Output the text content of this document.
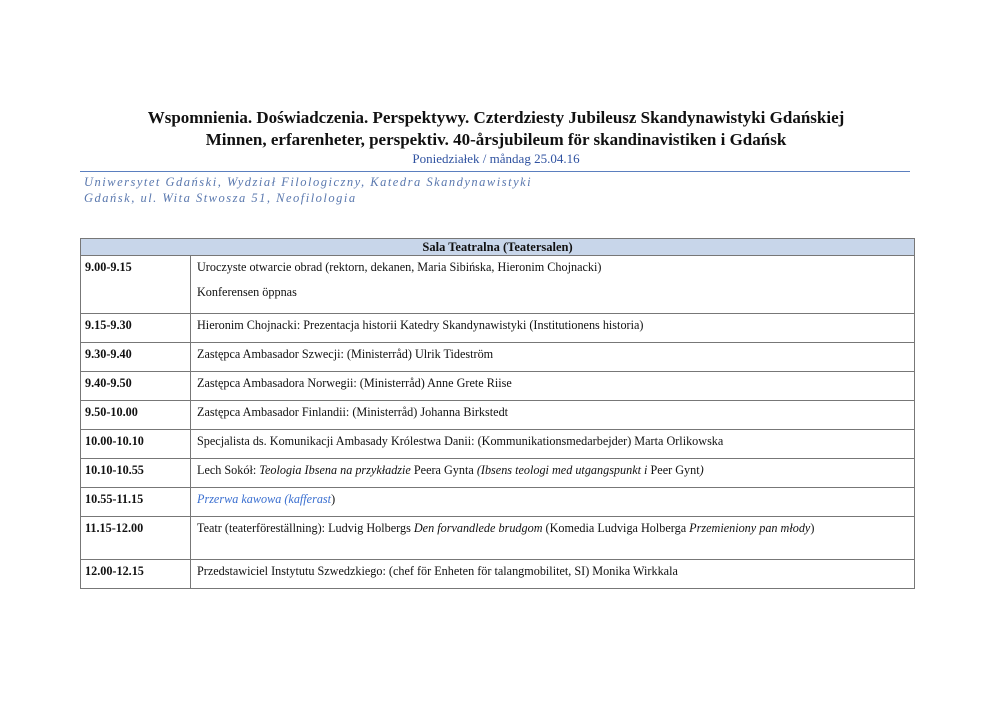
Wspomnienia. Doświadczenia. Perspektywy. Czterdziesty Jubileusz Skandynawistyki Gdańskiej
Minnen, erfarenheter, perspektiv. 40-årsjubileum för skandinavistiken i Gdańsk
Poniedziałek / måndag 25.04.16
Uniwersytet Gdański, Wydział Filologiczny, Katedra Skandynawistyki
Gdańsk, ul. Wita Stwosza 51, Neofilologia
Sala Teatralna (Teatersalen)	
9.00-9.15	Uroczyste otwarcie obrad (rektorn, dekanen, Maria Sibińska, Hieronim Chojnacki)
Konferensen öppnas

9.15-9.30	Hieronim Chojnacki: Prezentacja historii Katedry Skandynawistyki (Institutionens historia)
9.30-9.40	Zastępca Ambasador Szwecji: (Ministerråd) Ulrik Tideström
9.40-9.50	Zastępca Ambasadora Norwegii: (Ministerråd) Anne Grete Riise
9.50-10.00	Zastępca Ambasador Finlandii: (Ministerråd) Johanna Birkstedt
10.00-10.10	Specjalista ds. Komunikacji Ambasady Królestwa Danii: (Kommunikationsmedarbejder) Marta Orlikowska
10.10-10.55	Lech Sokół: Teologia Ibsena na przykładzie Peera Gynta (Ibsens teologi med utgangspunkt i Peer Gynt)
10.55-11.15	Przerwa kawowa (kafferast)
11.15-12.00	Teatr (teaterföreställning): Ludvig Holbergs Den forvandlede brudgom (Komedia Ludviga Holberga Przemieniony pan młody)
12.00-12.15	Przedstawiciel Instytutu Szwedzkiego: (chef för Enheten för talangmobilitet, SI) Monika Wirkkala
